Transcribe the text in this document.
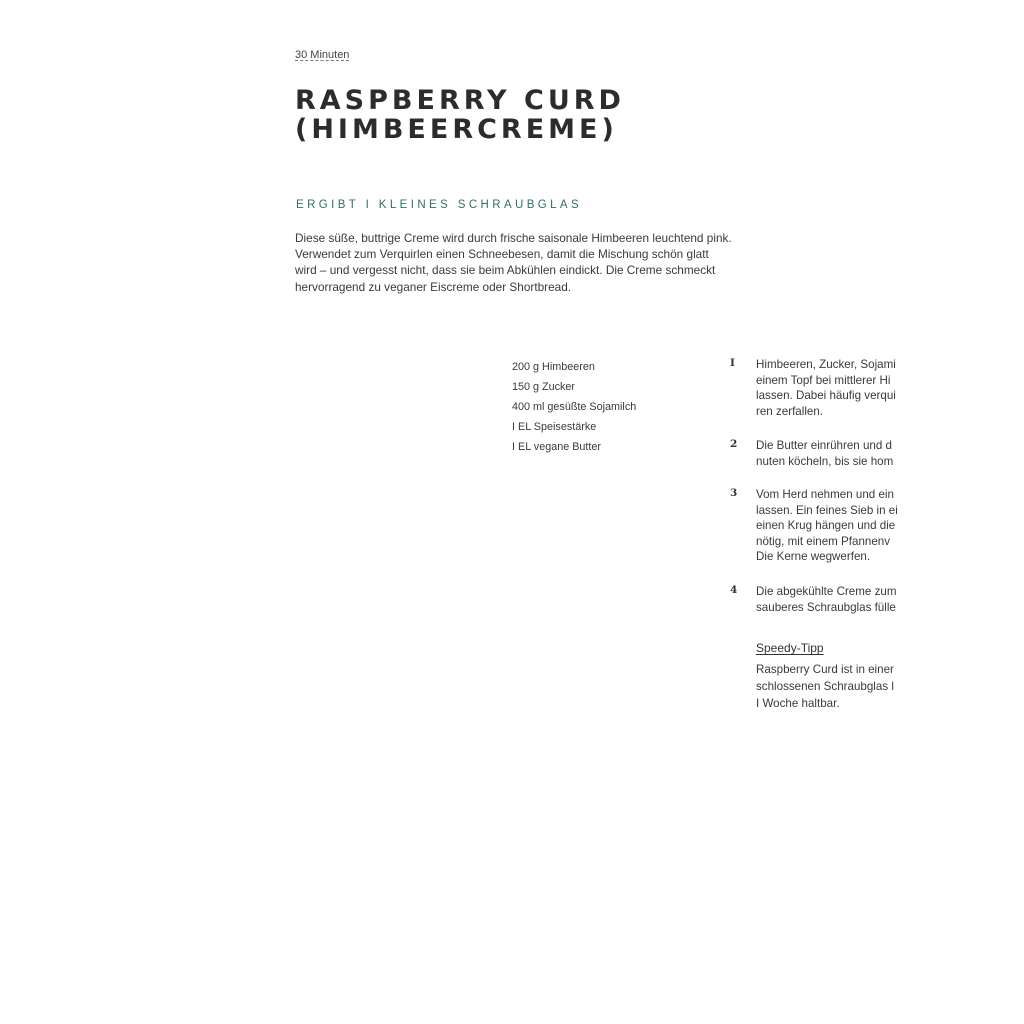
30 Minuten
RASPBERRY CURD
(HIMBEERCREME)
ERGIBT I KLEINES SCHRAUBGLAS
Diese süße, buttrige Creme wird durch frische saisonale Himbeeren leuchtend pink.
Verwendet zum Verquirlen einen Schneebesen, damit die Mischung schön glatt
wird – und vergesst nicht, dass sie beim Abkühlen eindickt. Die Creme schmeckt
hervorragend zu veganer Eiscreme oder Shortbread.
200 g Himbeeren
150 g Zucker
400 ml gesüßte Sojamilch
I EL Speisestärke
I EL vegane Butter
I Himbeeren, Zucker, Sojami
einem Topf bei mittlerer Hi
lassen. Dabei häufig verqui
ren zerfallen.
2 Die Butter einrühren und d
nuten köcheln, bis sie hom
3 Vom Herd nehmen und ein
lassen. Ein feines Sieb in ei
einen Krug hängen und die
nötig, mit einem Pfannenv
Die Kerne wegwerfen.
4 Die abgekühlte Creme zum
sauberes Schraubglas fülle
Speedy-Tipp
Raspberry Curd ist in einer
schlossenen Schraubglas l
I Woche haltbar.
